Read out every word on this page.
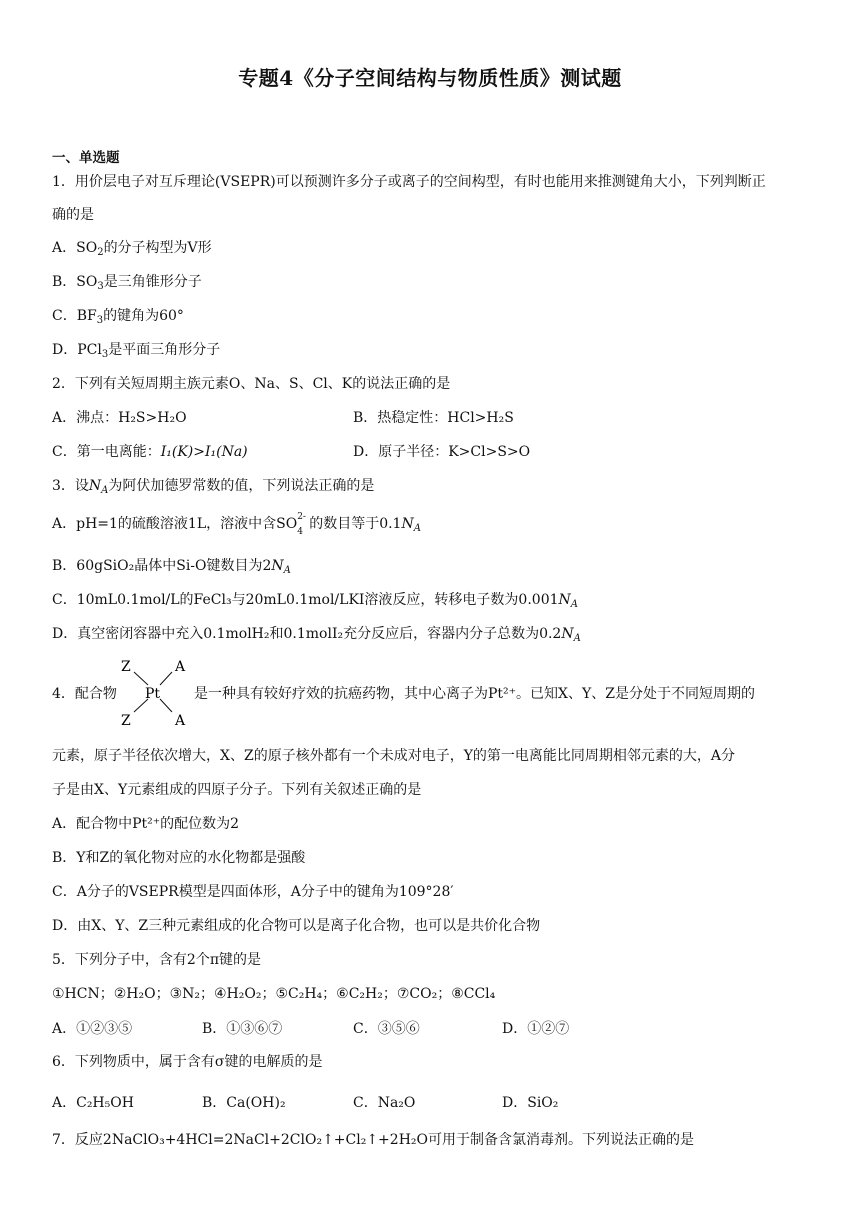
专题4《分子空间结构与物质性质》测试题
一、单选题
1．用价层电子对互斥理论(VSEPR)可以预测许多分子或离子的空间构型，有时也能用来推测键角大小，下列判断正
确的是
A．$SO_2$的分子构型为V形
B．$SO_3$是三角锥形分子
C．$BF_3$的键角为60°
D．PCl$_3$是平面三角形分子
2．下列有关短周期主族元素O、Na、S、Cl、K的说法正确的是
A．沸点：H₂S>H₂O	B．热稳定性：HCl>H₂S
C．第一电离能：I₁(K)>I₁(Na)	D．原子半径：K>Cl>S>O
3．设$N_A$为阿伏加德罗常数的值，下列说法正确的是
A．pH=1的硫酸溶液1L，溶液中含SO 2-
4 的数目等于$0.1N_A$
B．60gSiO₂晶体中Si-O键数目为$2N_A$
C．10mL0.1mol/L的FeCl₃与20mL0.1mol/LKI溶液反应，转移电子数为$0.001N_A$
D．真空密闭容器中充入0.1molH₂和0.1molI₂充分反应后，容器内分子总数为$0.2N_A$
4．配合物
Z	A
Pt
Z	A
是一种具有较好疗效的抗癌药物，其中心离子为Pt²⁺。已知X、Y、Z是分处于不同短周期的
元素，原子半径依次增大，X、Z的原子核外都有一个未成对电子，Y的第一电离能比同周期相邻元素的大，A分
子是由X、Y元素组成的四原子分子。下列有关叙述正确的是
A．配合物中Pt²⁺的配位数为2
B．Y和Z的氧化物对应的水化物都是强酸
C．A分子的VSEPR模型是四面体形，A分子中的键角为109°28′
D．由X、Y、Z三种元素组成的化合物可以是离子化合物，也可以是共价化合物
5．下列分子中，含有2个π键的是
①HCN；②H₂O；③N₂；④H₂O₂；⑤C₂H₄；⑥C₂H₂；⑦CO₂；⑧CCl₄
A．①②③⑤	B．①③⑥⑦	C．③⑤⑥	D．①②⑦
6．下列物质中，属于含有σ键的电解质的是
A．C₂H₅OH	B．Ca(OH)₂	C．Na₂O	D．SiO₂
7．反应2NaClO₃+4HCl=2NaCl+2ClO₂↑+Cl₂↑+2H₂O可用于制备含氯消毒剂。下列说法正确的是
